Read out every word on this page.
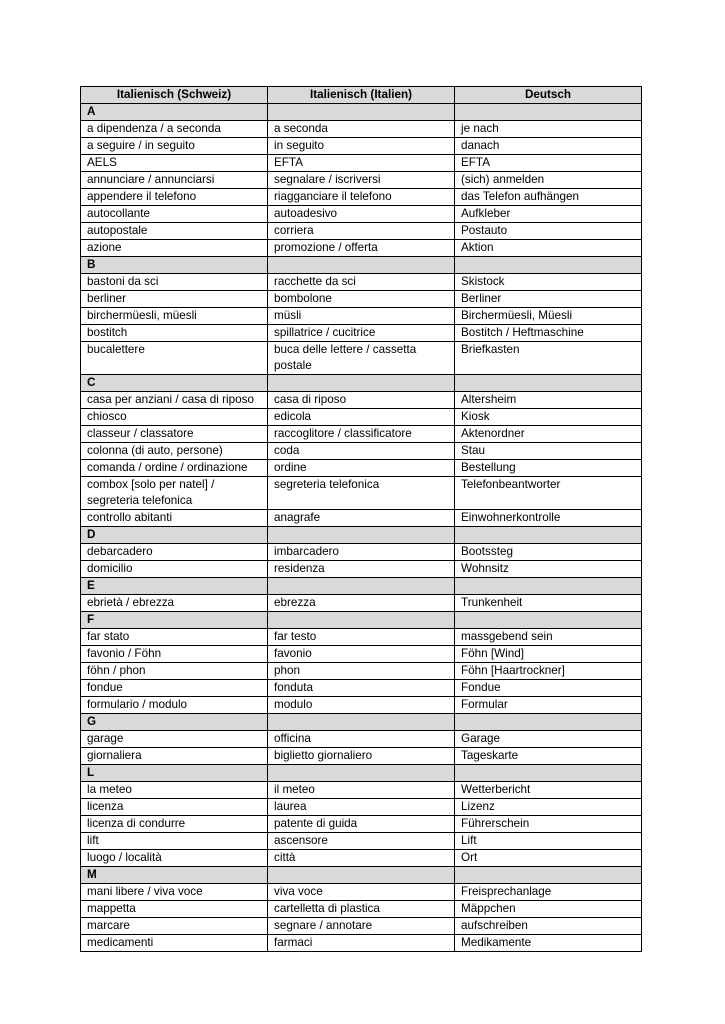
Italienisch (Schweiz)	Italienisch (Italien)	Deutsch
A		
a dipendenza / a seconda	a seconda	je nach
a seguire / in seguito	in seguito	danach
AELS	EFTA	EFTA
annunciare / annunciarsi	segnalare / iscriversi	(sich) anmelden
appendere il telefono	riagganciare il telefono	das Telefon aufhängen
autocollante	autoadesivo	Aufkleber
autopostale	corriera	Postauto
azione	promozione / offerta	Aktion
B		
bastoni da sci	racchette da sci	Skistock
berliner	bombolone	Berliner
birchermüesli, müesli	müsli	Birchermüesli, Müesli
bostitch	spillatrice / cucitrice	Bostitch / Heftmaschine
bucalettere	buca delle lettere / cassetta postale	Briefkasten
C		
casa per anziani / casa di riposo	casa di riposo	Altersheim
chiosco	edicola	Kiosk
classeur / classatore	raccoglitore / classificatore	Aktenordner
colonna (di auto, persone)	coda	Stau
comanda / ordine / ordinazione	ordine	Bestellung
combox [solo per natel] / segreteria telefonica	segreteria telefonica	Telefonbeantworter
controllo abitanti	anagrafe	Einwohnerkontrolle
D		
debarcadero	imbarcadero	Bootssteg
domicilio	residenza	Wohnsitz
E		
ebrietà / ebrezza	ebrezza	Trunkenheit
F		
far stato	far testo	massgebend sein
favonio / Föhn	favonio	Föhn [Wind]
föhn / phon	phon	Föhn [Haartrockner]
fondue	fonduta	Fondue
formulario / modulo	modulo	Formular
G		
garage	officina	Garage
giornaliera	biglietto giornaliero	Tageskarte
L		
la meteo	il meteo	Wetterbericht
licenza	laurea	Lizenz
licenza di condurre	patente di guida	Führerschein
lift	ascensore	Lift
luogo / località	città	Ort
M		
mani libere / viva voce	viva voce	Freisprechanlage
mappetta	cartelletta di plastica	Mäppchen
marcare	segnare / annotare	aufschreiben
medicamenti	farmaci	Medikamente
